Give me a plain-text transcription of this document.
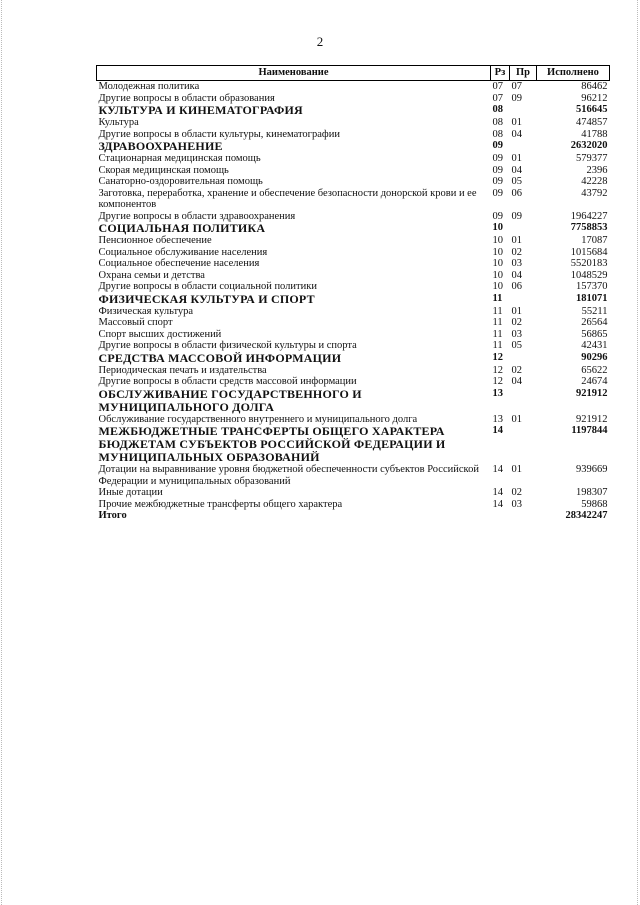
2
Наименование	Рз	Пр	Исполнено
Молодежная политика	07	07	86462
Другие вопросы в области образования	07	09	96212
КУЛЬТУРА И КИНЕМАТОГРАФИЯ	08		516645
Культура	08	01	474857
Другие вопросы в области культуры, кинематографии	08	04	41788
ЗДРАВООХРАНЕНИЕ	09		2632020
Стационарная медицинская помощь	09	01	579377
Скорая медицинская помощь	09	04	2396
Санаторно-оздоровительная помощь	09	05	42228
Заготовка, переработка, хранение и обеспечение безопасности донорской крови и ее компонентов	09	06	43792
Другие вопросы в области здравоохранения	09	09	1964227
СОЦИАЛЬНАЯ ПОЛИТИКА	10		7758853
Пенсионное обеспечение	10	01	17087
Социальное обслуживание населения	10	02	1015684
Социальное обеспечение населения	10	03	5520183
Охрана семьи и детства	10	04	1048529
Другие вопросы в области социальной политики	10	06	157370
ФИЗИЧЕСКАЯ КУЛЬТУРА И СПОРТ	11		181071
Физическая культура	11	01	55211
Массовый спорт	11	02	26564
Спорт высших достижений	11	03	56865
Другие вопросы в области физической культуры и спорта	11	05	42431
СРЕДСТВА МАССОВОЙ ИНФОРМАЦИИ	12		90296
Периодическая печать и издательства	12	02	65622
Другие вопросы в области средств массовой информации	12	04	24674
ОБСЛУЖИВАНИЕ ГОСУДАРСТВЕННОГО И МУНИЦИПАЛЬНОГО ДОЛГА	13		921912
Обслуживание государственного внутреннего и муниципального долга	13	01	921912
МЕЖБЮДЖЕТНЫЕ ТРАНСФЕРТЫ ОБЩЕГО ХАРАКТЕРА БЮДЖЕТАМ СУБЪЕКТОВ РОССИЙСКОЙ ФЕДЕРАЦИИ И МУНИЦИПАЛЬНЫХ ОБРАЗОВАНИЙ	14		1197844
Дотации на выравнивание уровня бюджетной обеспеченности субъектов Российской Федерации и муниципальных образований	14	01	939669
Иные дотации	14	02	198307
Прочие межбюджетные трансферты общего характера	14	03	59868
Итого			28342247
